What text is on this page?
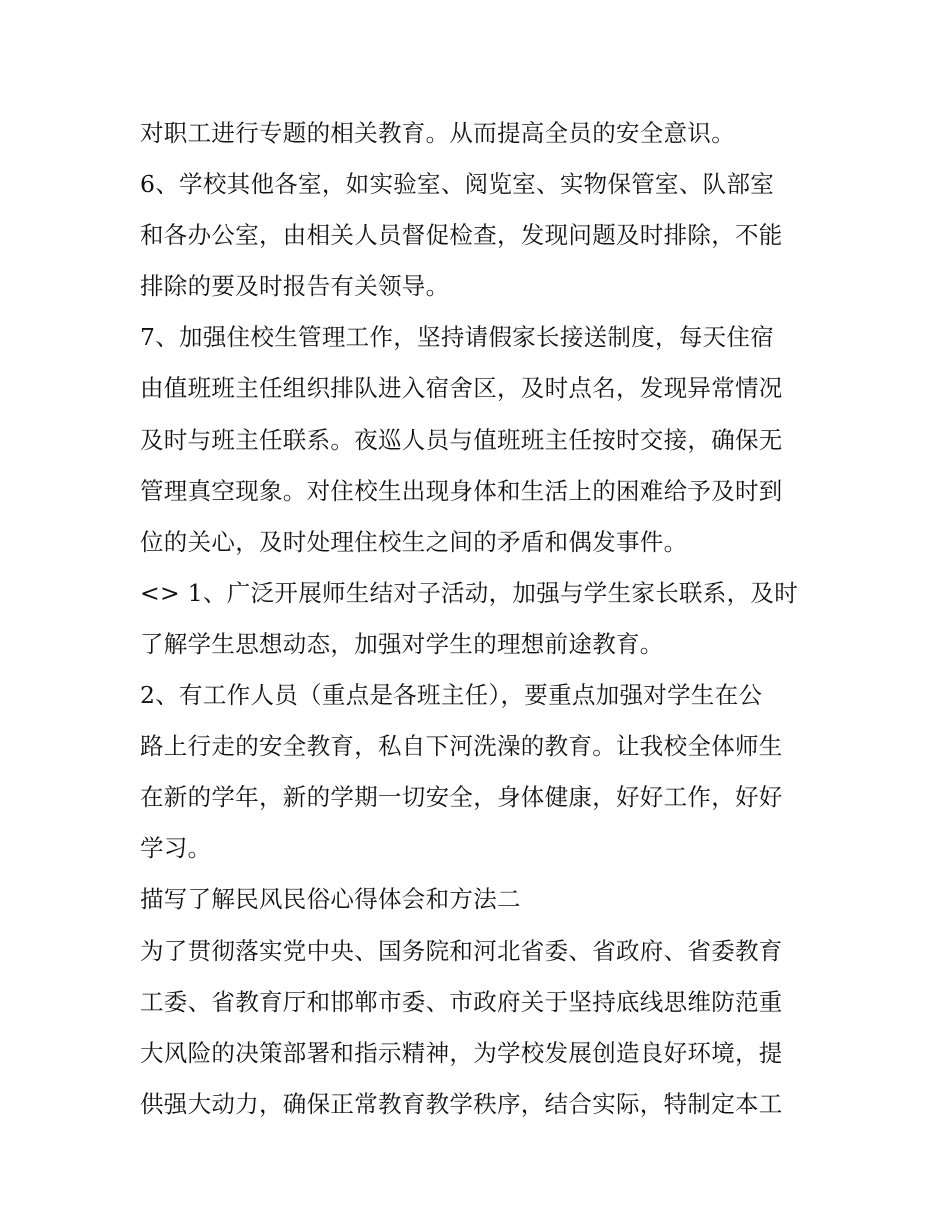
对职工进行专题的相关教育。从而提高全员的安全意识。
6、学校其他各室，如实验室、阅览室、实物保管室、队部室
和各办公室，由相关人员督促检查，发现问题及时排除，不能
排除的要及时报告有关领导。
7、加强住校生管理工作，坚持请假家长接送制度，每天住宿
由值班班主任组织排队进入宿舍区，及时点名，发现异常情况
及时与班主任联系。夜巡人员与值班班主任按时交接，确保无
管理真空现象。对住校生出现身体和生活上的困难给予及时到
位的关心，及时处理住校生之间的矛盾和偶发事件。
<> 1、广泛开展师生结对子活动，加强与学生家长联系，及时
了解学生思想动态，加强对学生的理想前途教育。
2、有工作人员（重点是各班主任），要重点加强对学生在公
路上行走的安全教育，私自下河洗澡的教育。让我校全体师生
在新的学年，新的学期一切安全，身体健康，好好工作，好好
学习。
描写了解民风民俗心得体会和方法二
为了贯彻落实党中央、国务院和河北省委、省政府、省委教育
工委、省教育厅和邯郸市委、市政府关于坚持底线思维防范重
大风险的决策部署和指示精神，为学校发展创造良好环境，提
供强大动力，确保正常教育教学秩序，结合实际，特制定本工
